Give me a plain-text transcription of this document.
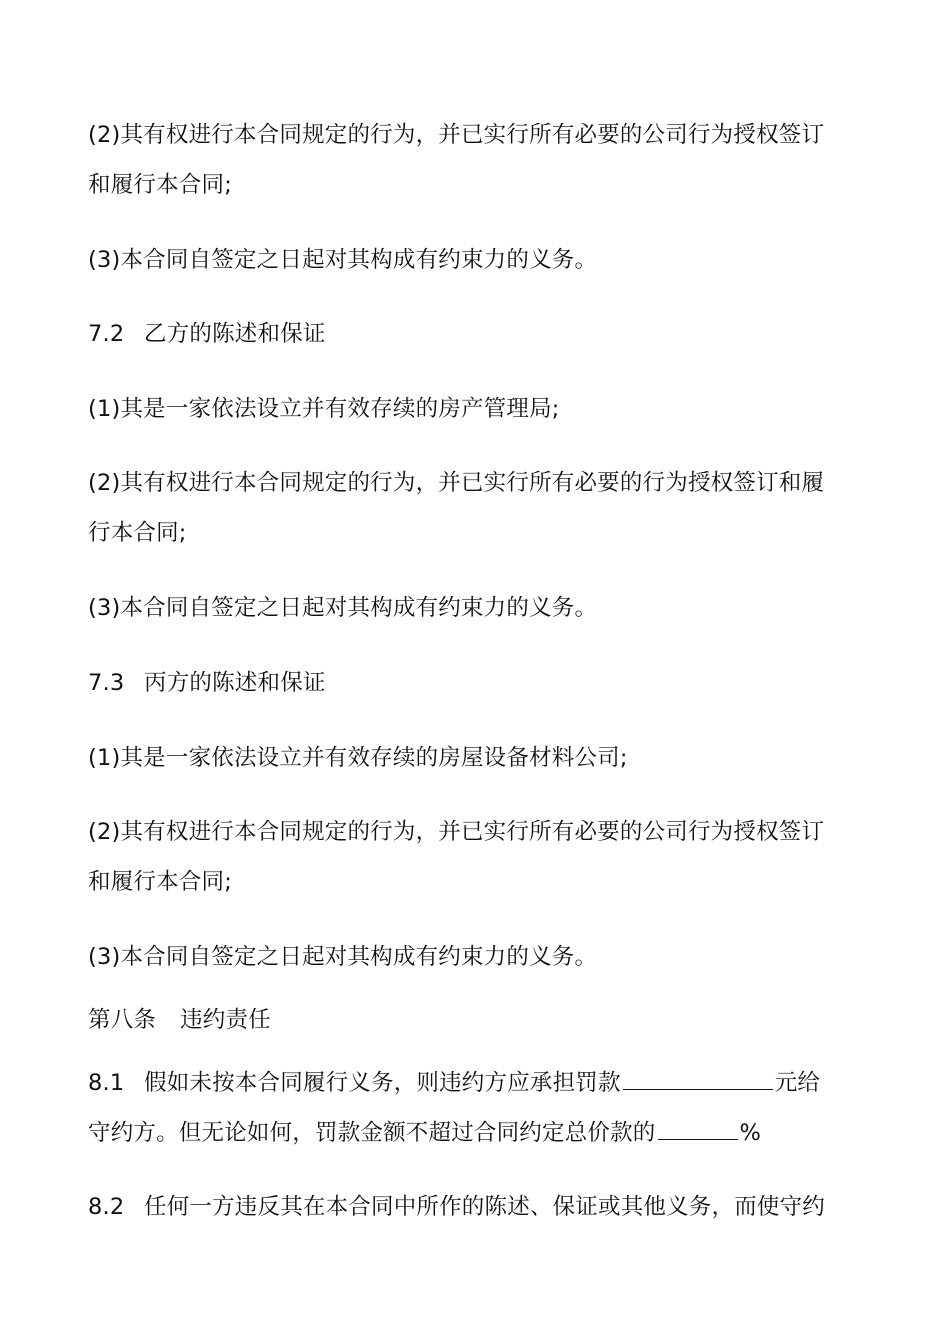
(2)其有权进行本合同规定的行为，并已实行所有必要的公司行为授权签订
和履行本合同;
(3)本合同自签定之日起对其构成有约束力的义务。
7.2 乙方的陈述和保证
(1)其是一家依法设立并有效存续的房产管理局;
(2)其有权进行本合同规定的行为，并已实行所有必要的行为授权签订和履
行本合同;
(3)本合同自签定之日起对其构成有约束力的义务。
7.3 丙方的陈述和保证
(1)其是一家依法设立并有效存续的房屋设备材料公司;
(2)其有权进行本合同规定的行为，并已实行所有必要的公司行为授权签订
和履行本合同;
(3)本合同自签定之日起对其构成有约束力的义务。
第八条 违约责任
8.1 假如未按本合同履行义务，则违约方应承担罚款	元给
守约方。但无论如何，罚款金额不超过合同约定总价款的	%
8.2 任何一方违反其在本合同中所作的陈述、保证或其他义务，而使守约
